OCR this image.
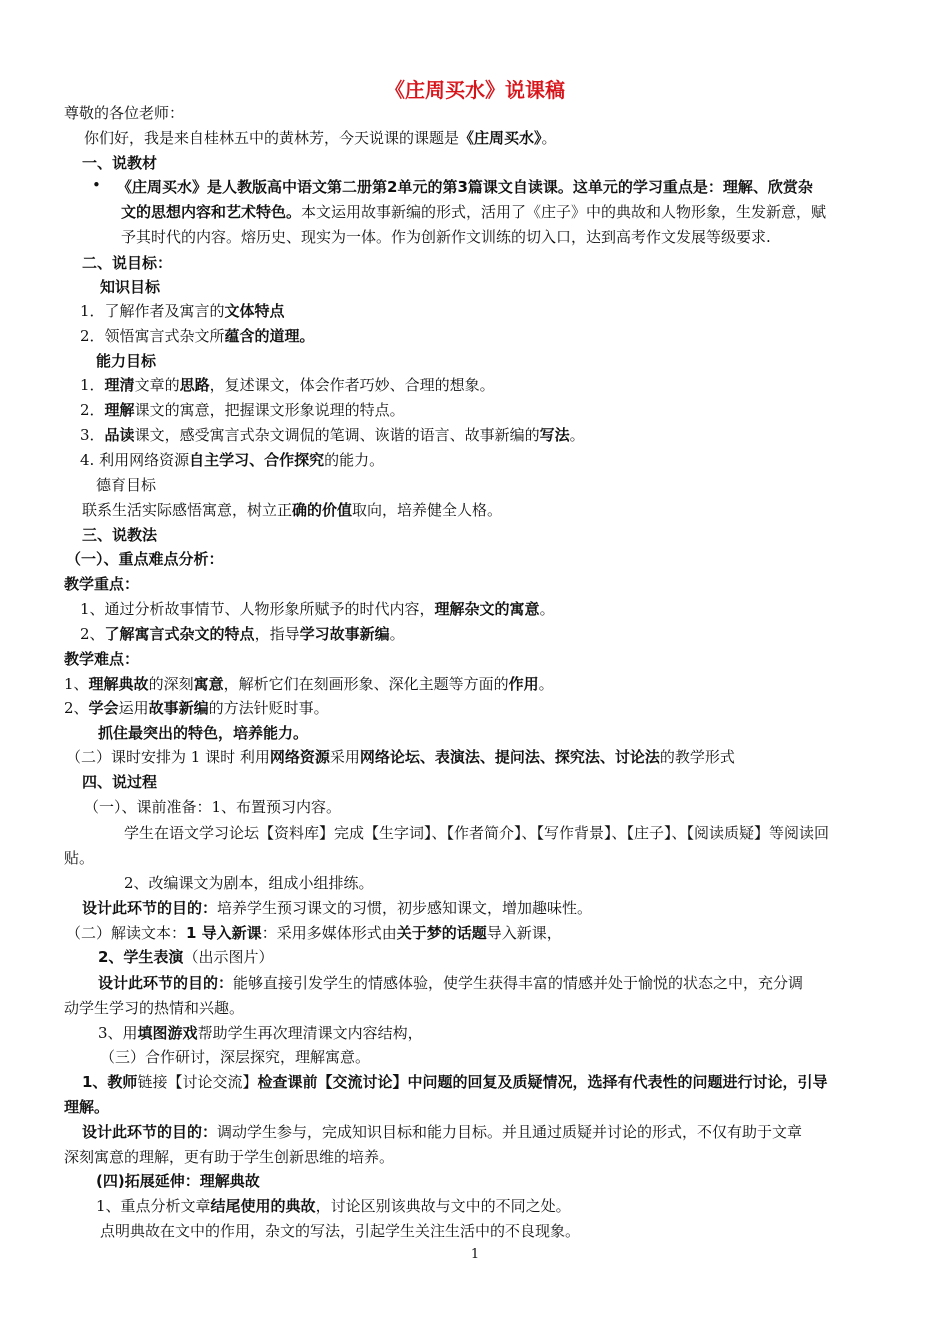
《庄周买水》说课稿
•
尊敬的各位老师：
你们好，我是来自桂林五中的黄林芳，今天说课的课题是《庄周买水》。
一、说教材
《庄周买水》是人教版高中语文第二册第2单元的第3篇课文自读课。这单元的学习重点是：理解、欣赏杂
文的思想内容和艺术特色。本文运用故事新编的形式，活用了《庄子》中的典故和人物形象，生发新意，赋
予其时代的内容。熔历史、现实为一体。作为创新作文训练的切入口，达到高考作文发展等级要求.
二、说目标：
知识目标
1．了解作者及寓言的文体特点
2．领悟寓言式杂文所蕴含的道理。
能力目标
1．理清文章的思路，复述课文，体会作者巧妙、合理的想象。
2．理解课文的寓意，把握课文形象说理的特点。
3．品读课文，感受寓言式杂文调侃的笔调、诙谐的语言、故事新编的写法。
4. 利用网络资源自主学习、合作探究的能力。
德育目标
联系生活实际感悟寓意，树立正确的价值取向，培养健全人格。
三、说教法
（一）、重点难点分析：
教学重点：
1、通过分析故事情节、人物形象所赋予的时代内容，理解杂文的寓意。
2、了解寓言式杂文的特点，指导学习故事新编。
教学难点：
1、理解典故的深刻寓意，解析它们在刻画形象、深化主题等方面的作用。
2、学会运用故事新编的方法针贬时事。
抓住最突出的特色，培养能力。
（二）课时安排为 1 课时 利用网络资源采用网络论坛、表演法、提问法、探究法、讨论法的教学形式
四、说过程
（一）、课前准备：1、布置预习内容。
学生在语文学习论坛【资料库】完成【生字词】、【作者简介】、【写作背景】、【庄子】、【阅读质疑】等阅读回
贴。
2、改编课文为剧本，组成小组排练。
设计此环节的目的：培养学生预习课文的习惯，初步感知课文，增加趣味性。
（二）解读文本：1 导入新课：采用多媒体形式由关于梦的话题导入新课，
2、学生表演（出示图片）
设计此环节的目的：能够直接引发学生的情感体验，使学生获得丰富的情感并处于愉悦的状态之中，充分调
动学生学习的热情和兴趣。
3、用填图游戏帮助学生再次理清课文内容结构，
（三）合作研讨，深层探究，理解寓意。
1、教师链接【讨论交流】检查课前【交流讨论】中问题的回复及质疑情况，选择有代表性的问题进行讨论，引导
理解。
设计此环节的目的：调动学生参与，完成知识目标和能力目标。并且通过质疑并讨论的形式，不仅有助于文章
深刻寓意的理解，更有助于学生创新思维的培养。
(四)拓展延伸：理解典故
1、重点分析文章结尾使用的典故，讨论区别该典故与文中的不同之处。
点明典故在文中的作用，杂文的写法，引起学生关注生活中的不良现象。
1
